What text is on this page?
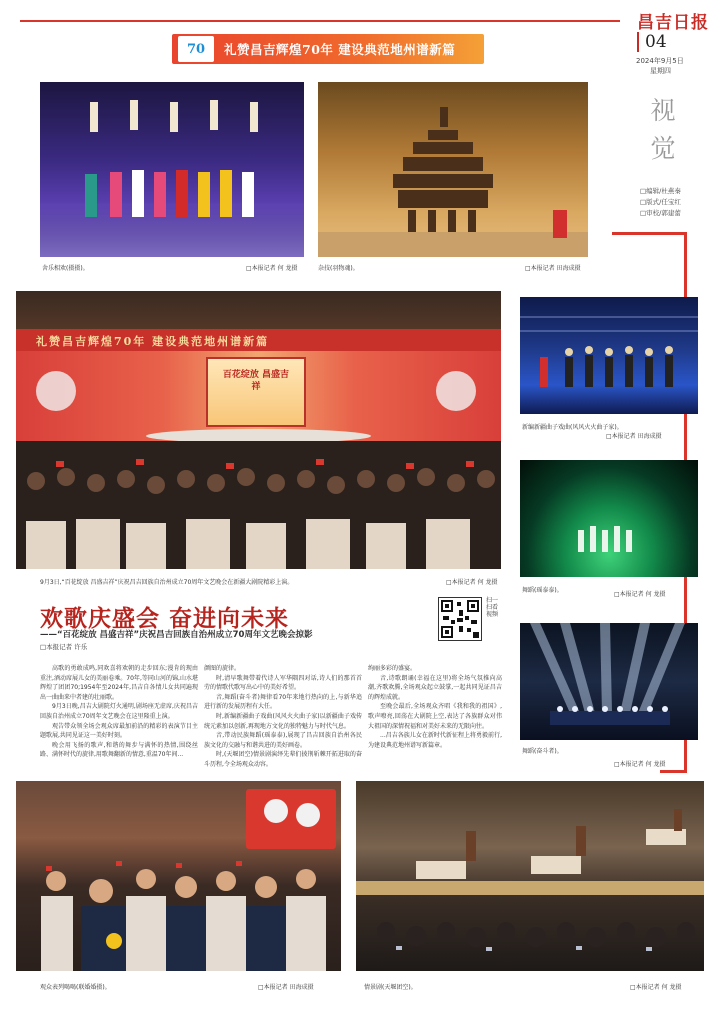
70 礼赞昌吉辉煌70年 建设典范地州谱新篇
昌吉日报
04
2024年9月5日
星期四
视觉
□编辑/杜燕秦
□版式/任宝红
□审校/郭建蕾
舍乐相欢(摄摄)。	□本报记者 何 龙摄	杂技(羽物魂)。	□本报记者 田海成摄
礼赞昌吉辉煌70年 建设典范地州谱新篇
百花绽放 昌盛吉祥
9月3日,“百花绽放 昌盛吉祥”庆祝昌吉回族自治州成立70周年文艺晚会在新疆大剧院精彩上演。	□本报记者 何 龙摄
新编新疆曲子戏曲(风风火火曲子家)。
□本报记者 田海成摄
舞蹈(瑶泰泰)。
□本报记者 何 龙摄
舞蹈(奋斗者)。
□本报记者 何 龙摄
欢歌庆盛会 奋进向未来
——“百花绽放 昌盛吉祥”庆祝昌吉回族自治州成立70周年文艺晚会掠影
□本报记者 许乐
扫一扫看视频

高歌的勇敢成鸣,同欢喜将欢朝的走步回东;漫肯的现由重注,酒动席展儿女的美丽卷乘。70年,等同山河的锦,山水堪辉煌了团团70;1954年至2024年,昌吉自各情儿女共同遍现出一曲曲来中者建的壮丽歌。

9月3日晚,昌吉大剧院灯火通明,剧场座无虚席,庆祝昌吉回族自治州成立70周年文艺晚会在这里隆重上演。

观告带众领全场会观众席最加前沿的精彩的表演节目主题歌展,共同见证这一美好时刻。

晚会用飞扬的歌声,和谐的舞步与满怀的热情,围绕丝路、满怀时代的旋律,用歌舞翻新的情意,重温70年间...

颜图的旋律。

时,清早歌舞带着代诗人军华隅四对话,诗人们的那首首劳的情歌代歌写出心中的美好希望。

音,舞蹈(奋斗者)舞律看70年来地行热向的上,与新华追进行新的发展历程有大任。

时,新编新疆曲子戏曲(风风火火曲子家)以新疆曲子戏传统元素加以创新,再现地方文化的独特魅力与时代气息。

音,带动民族舞蹈(瑶泰泰),展现了昌吉回族自治州各民族文化的交融与和谐共进的美好画卷。

时,(天堰团空)情景剧演绎先辈们披荆斩棘开拓进取的奋斗历程,令全场观众动容。

绚丽多彩的盛宴。

音,诗歌朗诵(幸福在这里)将全场气氛推向高潮,齐歌欢腾,全场观众起立鼓掌,一起共同见证昌吉的辉煌成就。

至晚会最后,全场观众齐唱《我和我的祖国》,歌声嘹亮,回荡在大剧院上空,表达了各族群众对伟大祖国的深情祝福和对美好未来的无限向往。

...昌吉各族儿女在新时代新征程上将勇毅前行,为建设典范地州谱写新篇章。

观众表列喝喝(联婚婚摄)。	□本报记者 田海成摄	情景剧(天堰团空)。	□本报记者 何 龙摄
